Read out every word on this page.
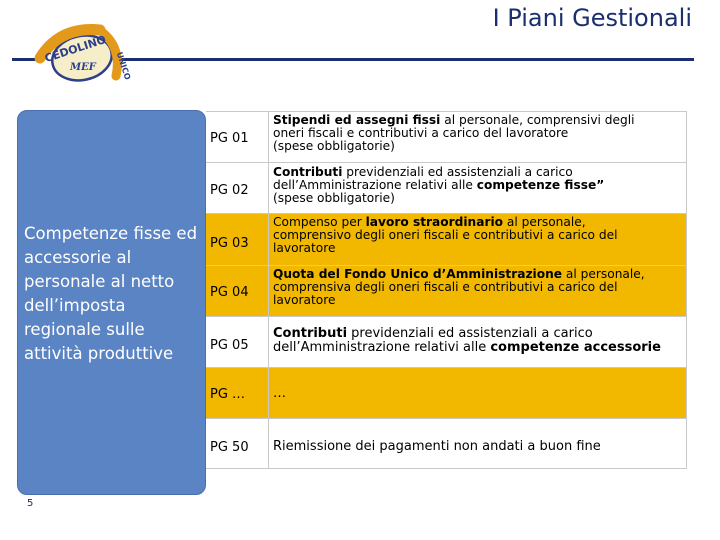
I Piani Gestionali
CEDOLINO
UNICO
MEF
Competenze fisse ed accessorie al personale al netto dell’imposta regionale sulle attività produttive
PG 01
Stipendi ed assegni fissi al personale, comprensivi degli
oneri fiscali e contributivi a carico del lavoratore
(spese obbligatorie)
PG 02
Contributi previdenziali ed assistenziali a carico
dell’Amministrazione relativi alle competenze fisse”
(spese obbligatorie)
PG 03
Compenso per lavoro straordinario al personale,
comprensivo degli oneri fiscali e contributivi a carico del
lavoratore
PG 04
Quota del Fondo Unico d’Amministrazione al personale,
comprensiva degli oneri fiscali e contributivi a carico del
lavoratore
PG 05
Contributi previdenziali ed assistenziali a carico
dell’Amministrazione relativi alle competenze accessorie
PG … …
PG 50 Riemissione dei pagamenti non andati a buon fine
5
